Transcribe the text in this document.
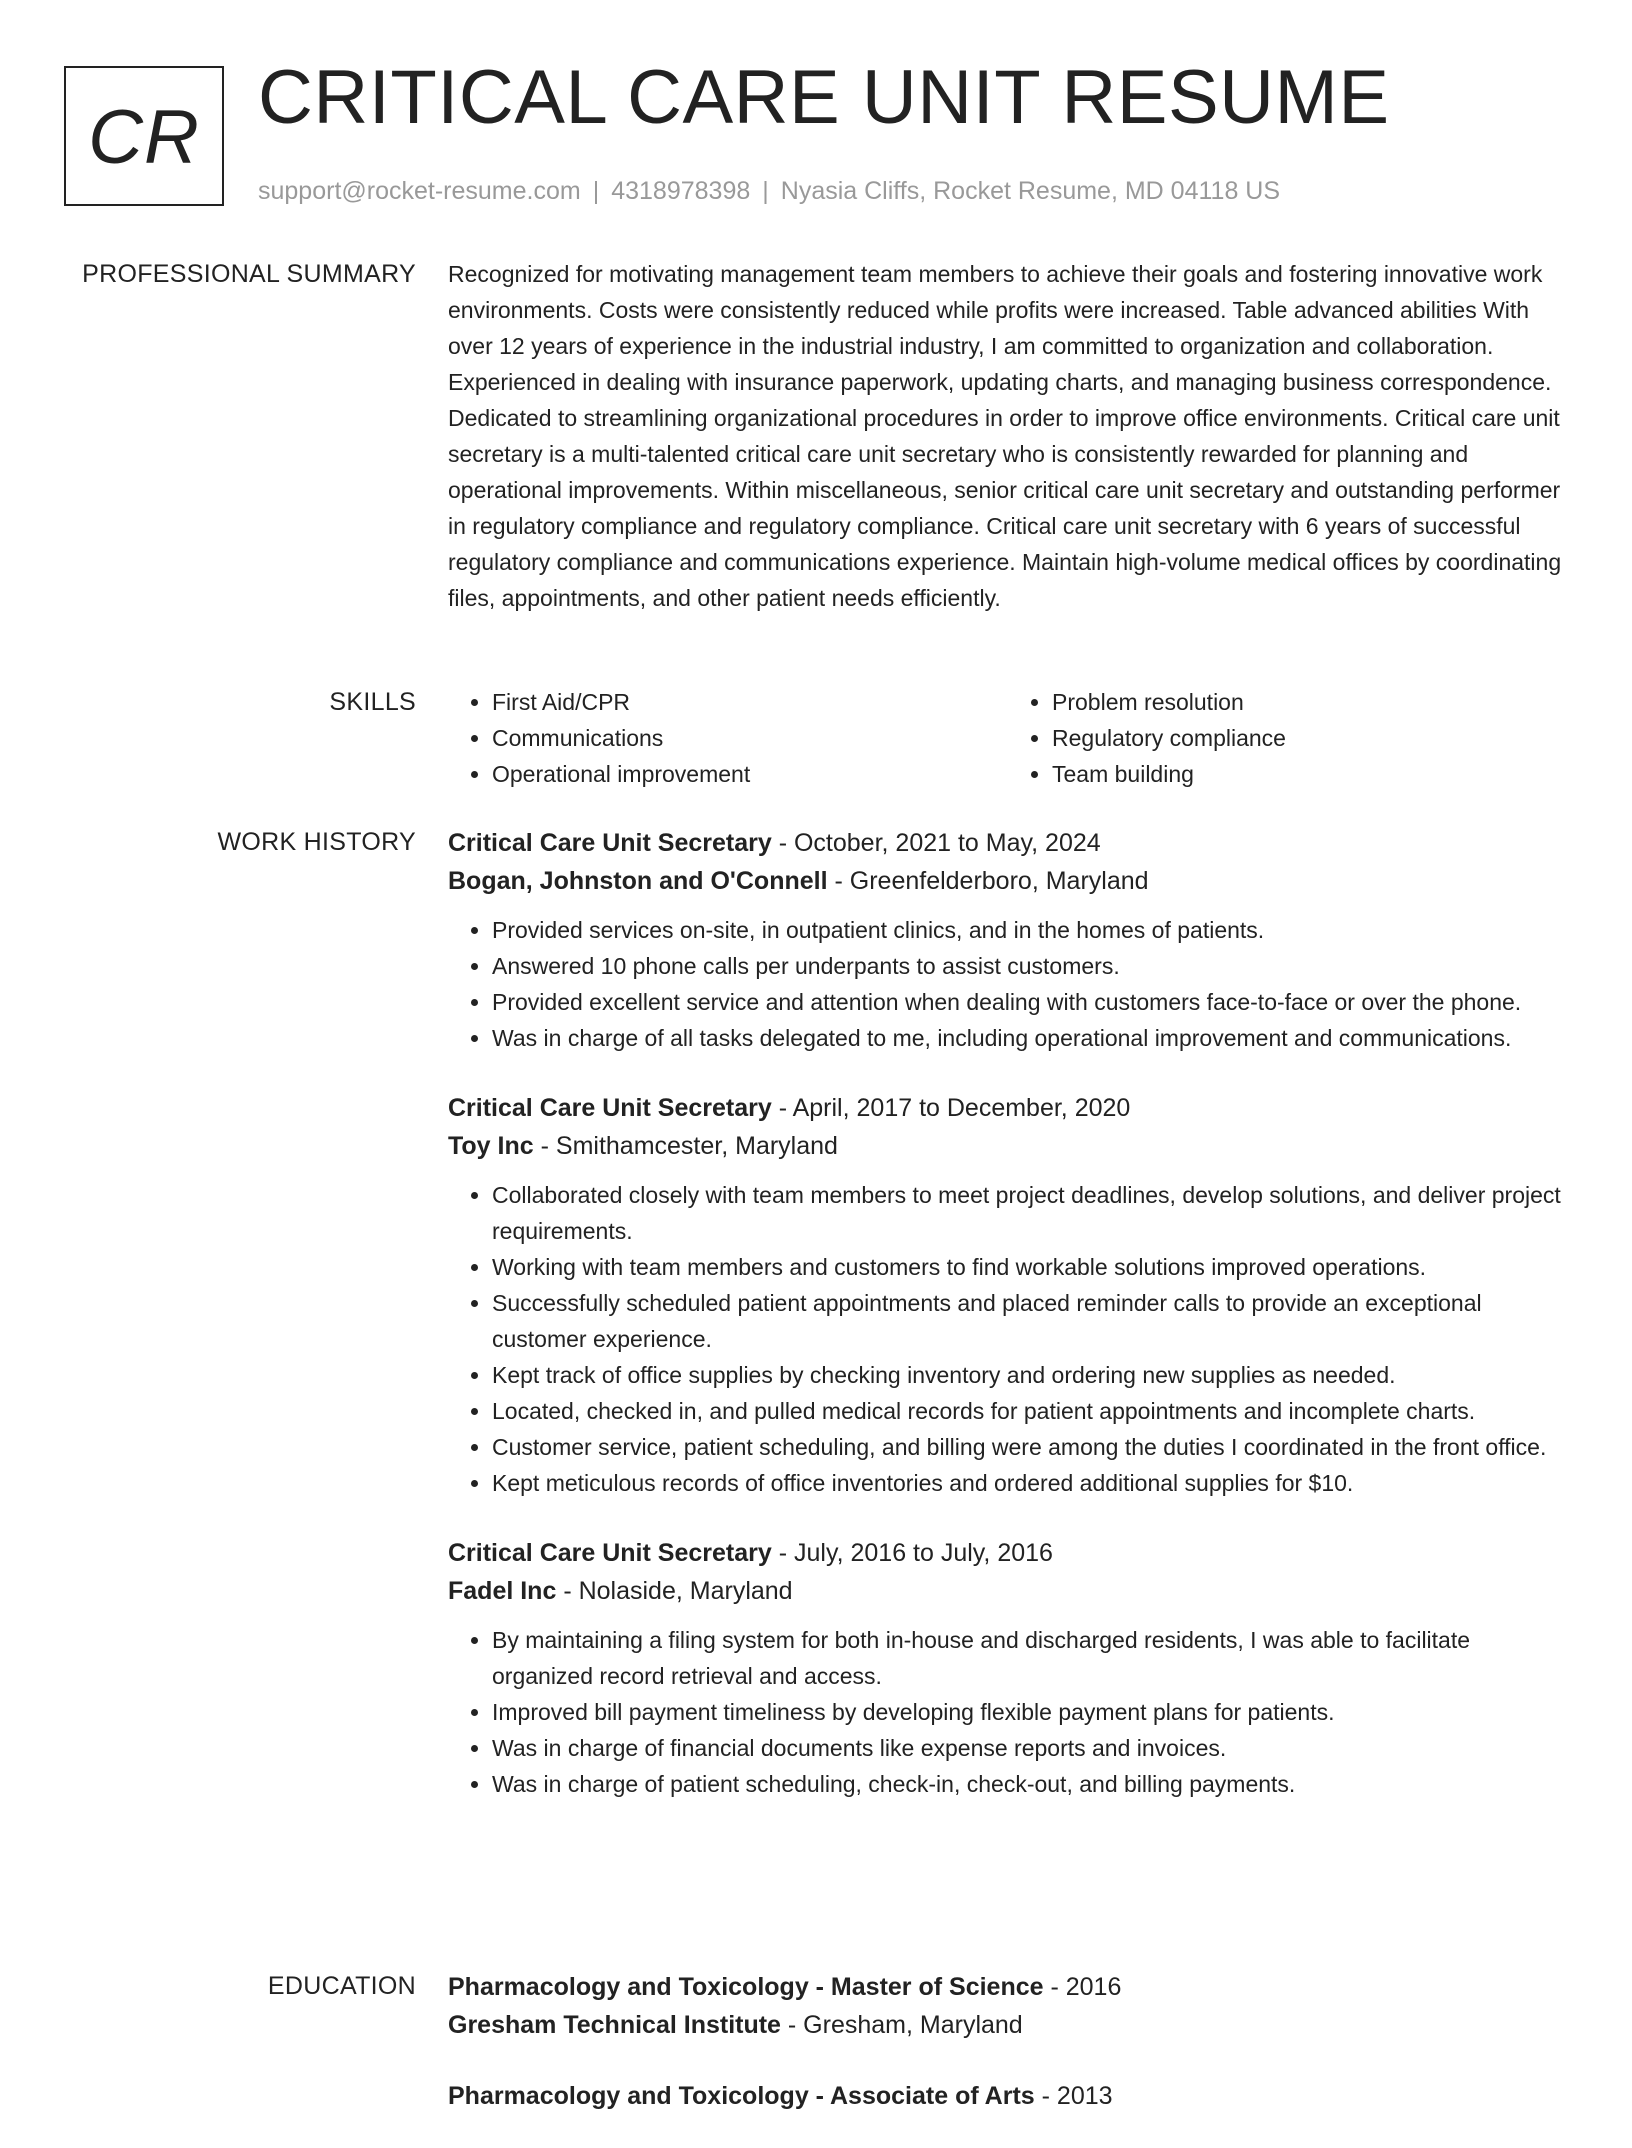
CR CRITICAL CARE UNIT RESUME
support@rocket-resume.com | 4318978398 | Nyasia Cliffs, Rocket Resume, MD 04118 US
PROFESSIONAL SUMMARY Recognized for motivating management team members to achieve their goals and fostering innovative work environments. Costs were consistently reduced while profits were increased. Table advanced abilities With over 12 years of experience in the industrial industry, I am committed to organization and collaboration. Experienced in dealing with insurance paperwork, updating charts, and managing business correspondence. Dedicated to streamlining organizational procedures in order to improve office environments. Critical care unit secretary is a multi-talented critical care unit secretary who is consistently rewarded for planning and operational improvements. Within miscellaneous, senior critical care unit secretary and outstanding performer in regulatory compliance and regulatory compliance. Critical care unit secretary with 6 years of successful regulatory compliance and communications experience. Maintain high-volume medical offices by coordinating files, appointments, and other patient needs efficiently.

SKILLS
•	First Aid/CPR
• Communications
• Operational improvement
• Problem resolution
• Regulatory compliance
• Team building
WORK HISTORY Critical Care Unit Secretary - October, 2021 to May, 2024
Bogan, Johnston and O'Connell - Greenfelderboro, Maryland
• Provided services on-site, in outpatient clinics, and in the homes of patients.
• Answered 10 phone calls per underpants to assist customers.
• Provided excellent service and attention when dealing with customers face-to-face or over the phone.
• Was in charge of all tasks delegated to me, including operational improvement and communications.
Critical Care Unit Secretary - April, 2017 to December, 2020
Toy Inc - Smithamcester, Maryland
• Collaborated closely with team members to meet project deadlines, develop solutions, and deliver project requirements.
• Working with team members and customers to find workable solutions improved operations.
• Successfully scheduled patient appointments and placed reminder calls to provide an exceptional customer experience.
• Kept track of office supplies by checking inventory and ordering new supplies as needed.
• Located, checked in, and pulled medical records for patient appointments and incomplete charts.
• Customer service, patient scheduling, and billing were among the duties I coordinated in the front office.
• Kept meticulous records of office inventories and ordered additional supplies for $10.
Critical Care Unit Secretary - July, 2016 to July, 2016
Fadel Inc - Nolaside, Maryland
• By maintaining a filing system for both in-house and discharged residents, I was able to facilitate organized record retrieval and access.
• Improved bill payment timeliness by developing flexible payment plans for patients.
• Was in charge of financial documents like expense reports and invoices.
• Was in charge of patient scheduling, check-in, check-out, and billing payments.
EDUCATION Pharmacology and Toxicology - Master of Science - 2016
Gresham Technical Institute - Gresham, Maryland
Pharmacology and Toxicology - Associate of Arts - 2013
